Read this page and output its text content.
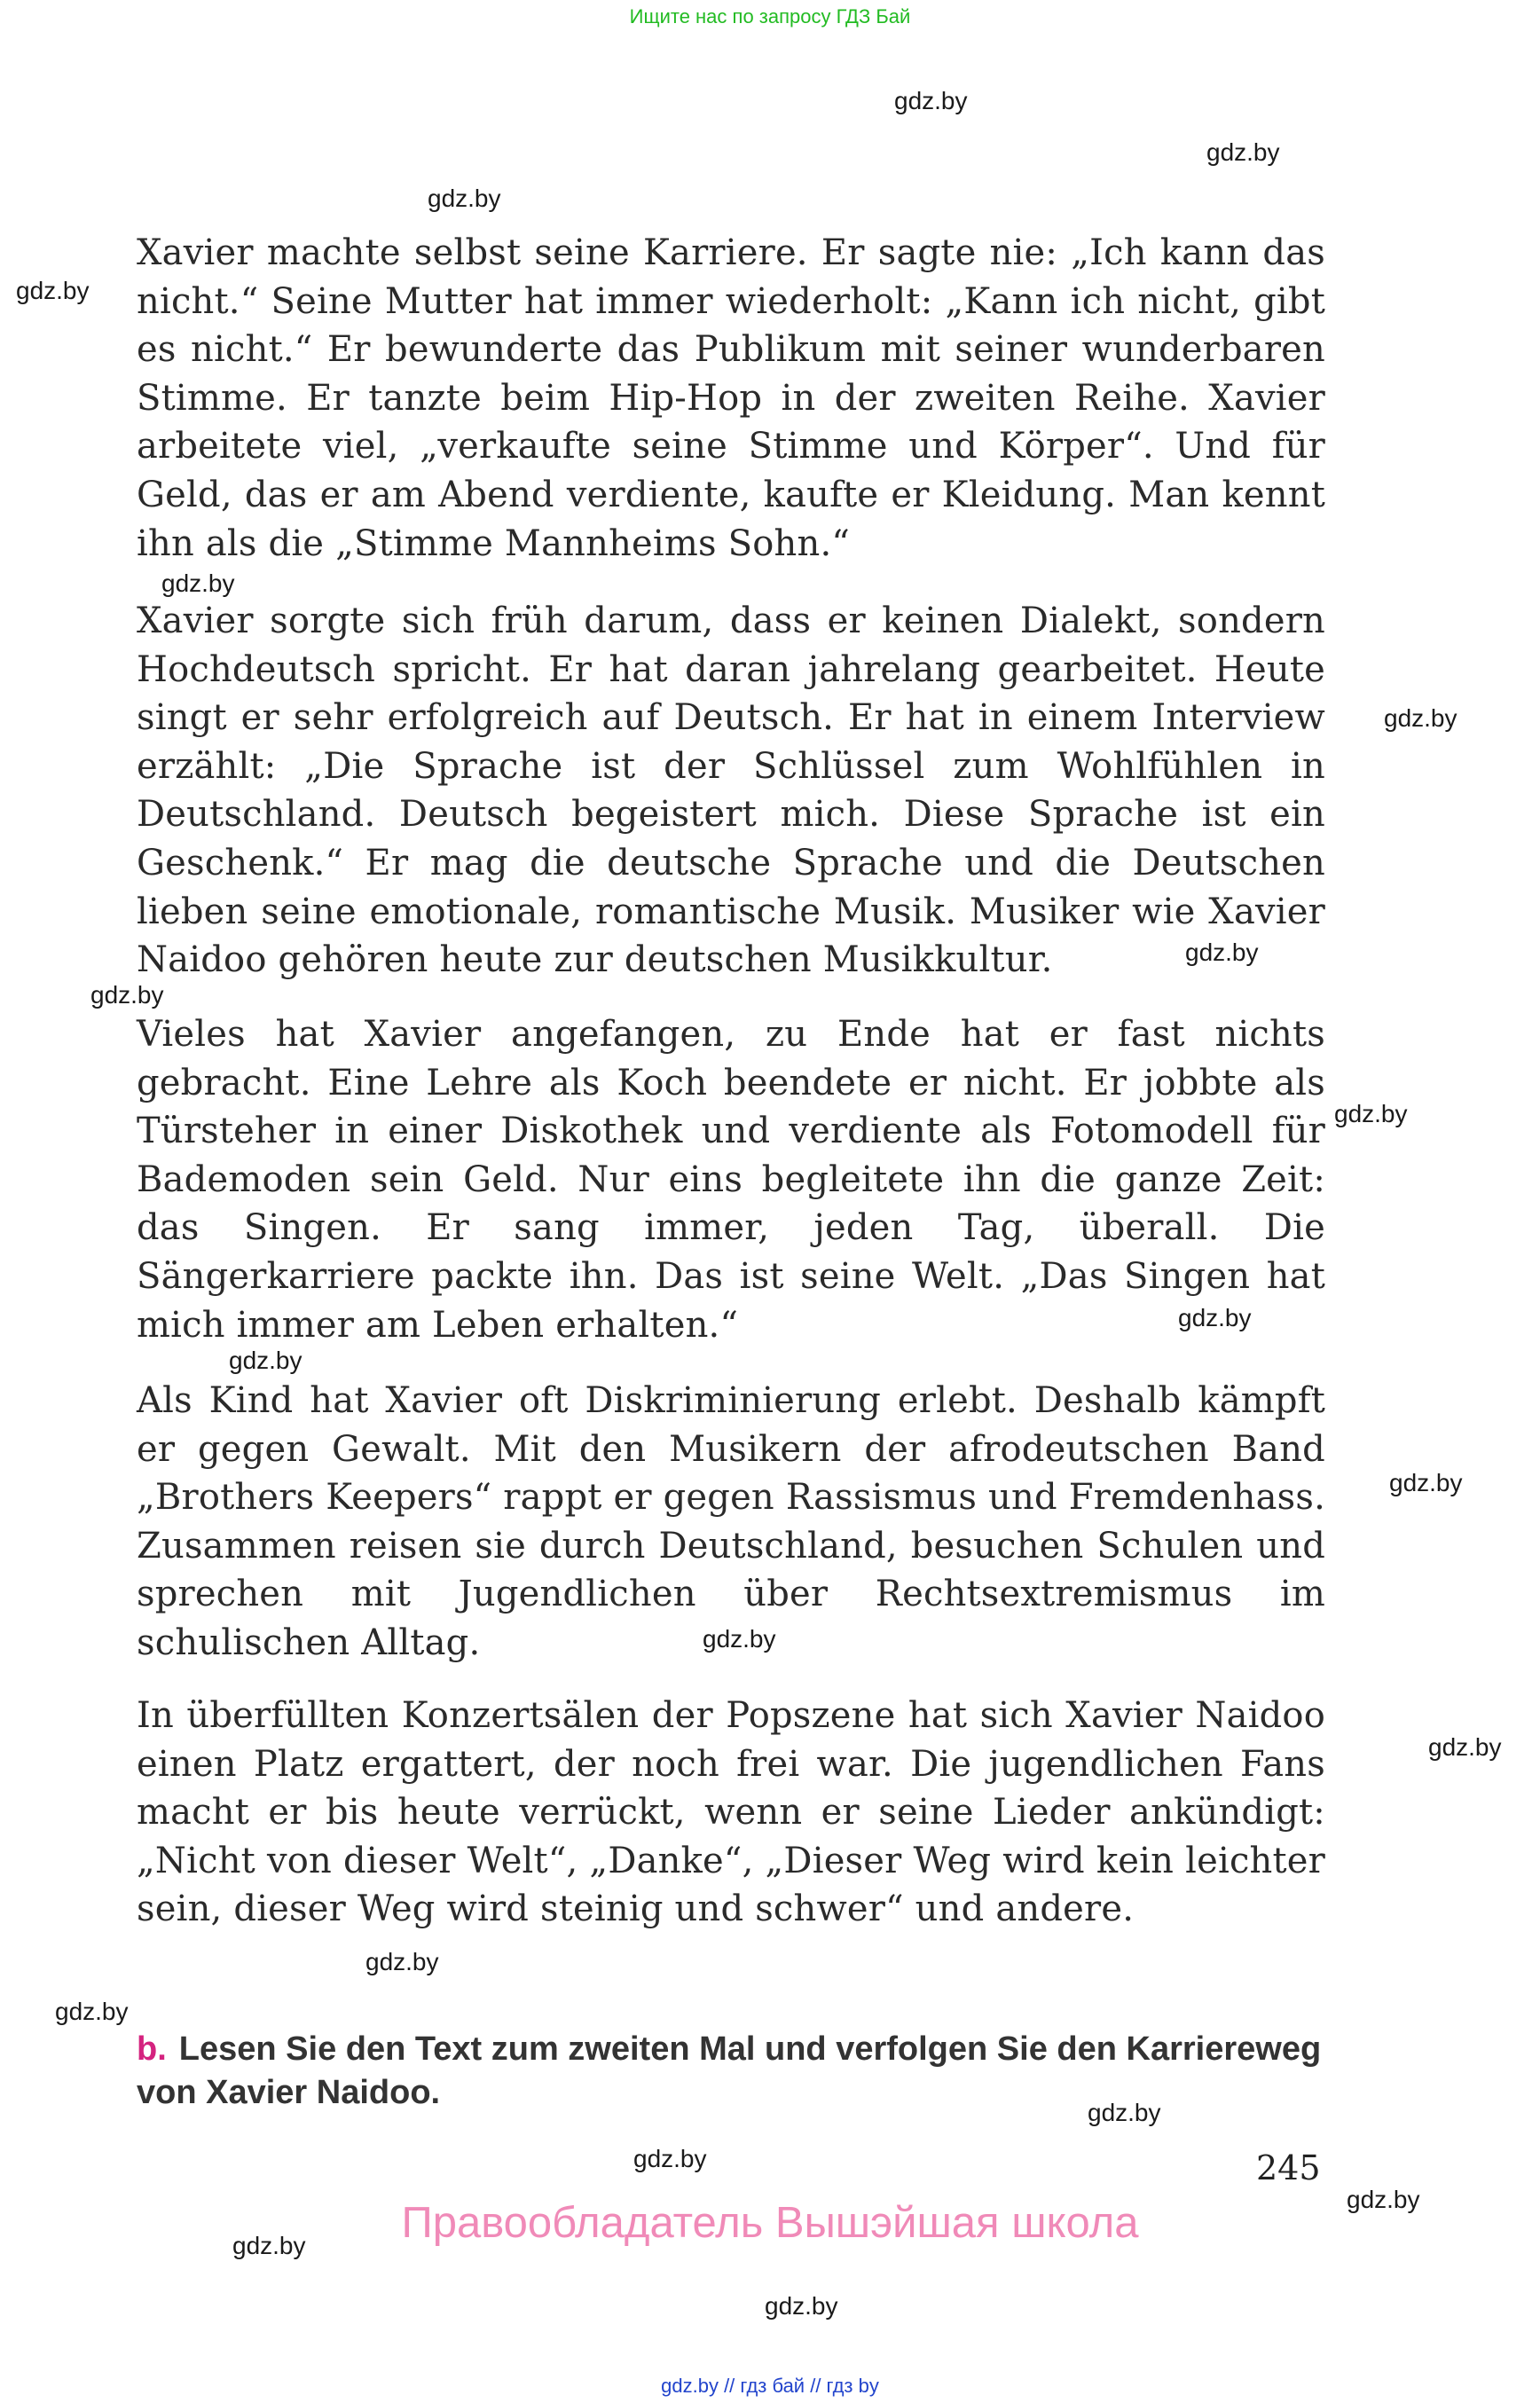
Ищите нас по запросу ГДЗ Бай
gdz.by
gdz.by
gdz.by
gdz.by
gdz.by
gdz.by
gdz.by
gdz.by
gdz.by
gdz.by
gdz.by
gdz.by
gdz.by
gdz.by
gdz.by
gdz.by
gdz.by
gdz.by
gdz.by
gdz.by
gdz.by

Xavier machte selbst seine Karriere. Er sagte nie: „Ich kann das nicht.“ Seine Mutter hat immer wiederholt: „Kann ich nicht, gibt es nicht.“ Er bewunderte das Publikum mit seiner wunderbaren Stimme. Er tanzte beim Hip-Hop in der zweiten Reihe. Xavier arbeitete viel, „verkaufte seine Stimme und Körper“. Und für Geld, das er am Abend verdiente, kaufte er Kleidung. Man kennt ihn als die „Stimme Mannheims Sohn.“

Xavier sorgte sich früh darum, dass er keinen Dialekt, sondern Hochdeutsch spricht. Er hat daran jahrelang gearbeitet. Heute singt er sehr erfolgreich auf Deutsch. Er hat in einem Interview erzählt: „Die Sprache ist der Schlüssel zum Wohlfühlen in Deutschland. Deutsch begeistert mich. Diese Sprache ist ein Geschenk.“ Er mag die deutsche Sprache und die Deutschen lieben seine emotionale, romantische Musik. Musiker wie Xavier Naidoo gehören heute zur deutschen Musikkultur.

Vieles hat Xavier angefangen, zu Ende hat er fast nichts gebracht. Eine Lehre als Koch beendete er nicht. Er jobbte als Türsteher in einer Diskothek und verdiente als Fotomodell für Bademoden sein Geld. Nur eins begleitete ihn die ganze Zeit: das Singen. Er sang immer, jeden Tag, überall. Die Sängerkarriere packte ihn. Das ist seine Welt. „Das Singen hat mich immer am Leben erhalten.“

Als Kind hat Xavier oft Diskriminierung erlebt. Deshalb kämpft er gegen Gewalt. Mit den Musikern der afrodeutschen Band „Brothers Keepers“ rappt er gegen Rassismus und Fremdenhass. Zusammen reisen sie durch Deutschland, besuchen Schulen und sprechen mit Jugendlichen über Rechtsextremismus im schulischen Alltag.

In überfüllten Konzertsälen der Popszene hat sich Xavier Naidoo einen Platz ergattert, der noch frei war. Die jugendlichen Fans macht er bis heute verrückt, wenn er seine Lieder ankündigt: „Nicht von dieser Welt“, „Danke“, „Dieser Weg wird kein leichter sein, dieser Weg wird steinig und schwer“ und andere.

b. Lesen Sie den Text zum zweiten Mal und verfolgen Sie den Karriereweg von Xavier Naidoo.
245
Правообладатель Вышэйшая школа
gdz.by // гдз бай // гдз by
